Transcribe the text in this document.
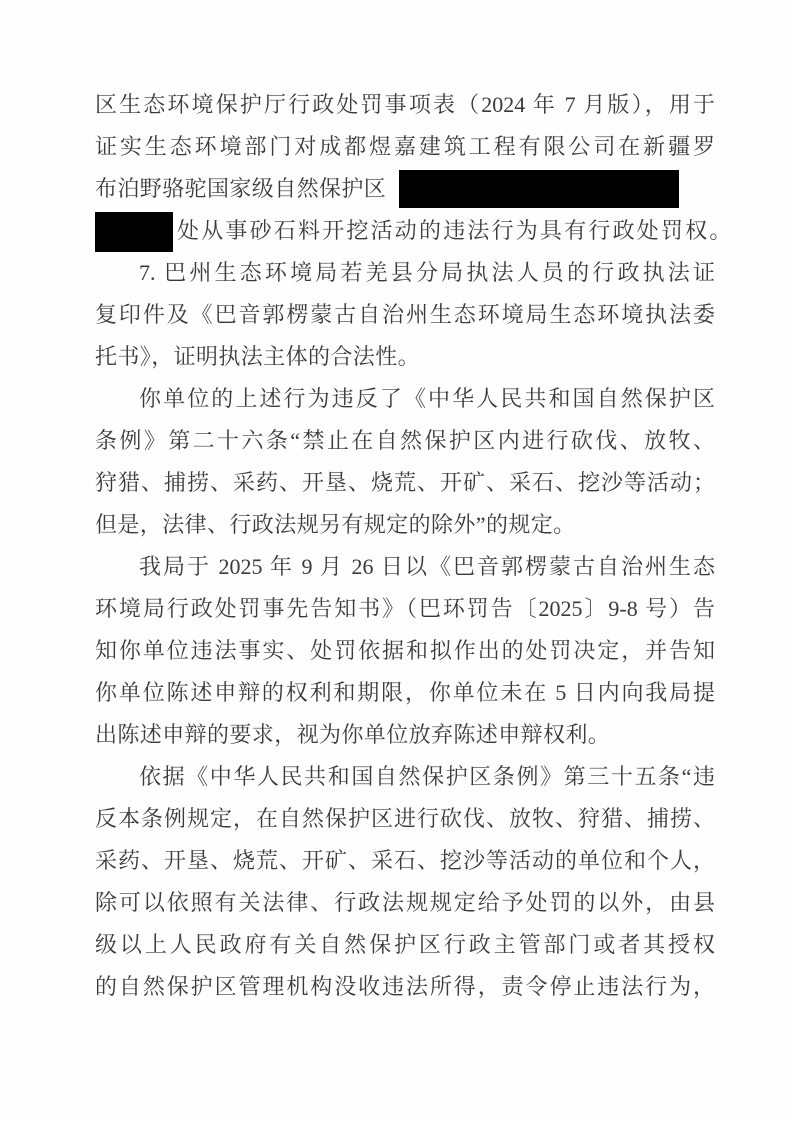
区生态环境保护厅行政处罚事项表（2024 年 7 月版），用于
证实生态环境部门对成都煜嘉建筑工程有限公司在新疆罗
布泊野骆驼国家级自然保护区
处从事砂石料开挖活动的违法行为具有行政处罚权。
7. 巴州生态环境局若羌县分局执法人员的行政执法证
复印件及《巴音郭楞蒙古自治州生态环境局生态环境执法委
托书》，证明执法主体的合法性。
你单位的上述行为违反了《中华人民共和国自然保护区
条例》第二十六条“禁止在自然保护区内进行砍伐、放牧、
狩猎、捕捞、采药、开垦、烧荒、开矿、采石、挖沙等活动；
但是，法律、行政法规另有规定的除外”的规定。
我局于 2025 年 9 月 26 日以《巴音郭楞蒙古自治州生态
环境局行政处罚事先告知书》（巴环罚告〔2025〕9-8 号）告
知你单位违法事实、处罚依据和拟作出的处罚决定，并告知
你单位陈述申辩的权利和期限，你单位未在 5 日内向我局提
出陈述申辩的要求，视为你单位放弃陈述申辩权利。
依据《中华人民共和国自然保护区条例》第三十五条“违
反本条例规定，在自然保护区进行砍伐、放牧、狩猎、捕捞、
采药、开垦、烧荒、开矿、采石、挖沙等活动的单位和个人，
除可以依照有关法律、行政法规规定给予处罚的以外，由县
级以上人民政府有关自然保护区行政主管部门或者其授权
的自然保护区管理机构没收违法所得，责令停止违法行为，
